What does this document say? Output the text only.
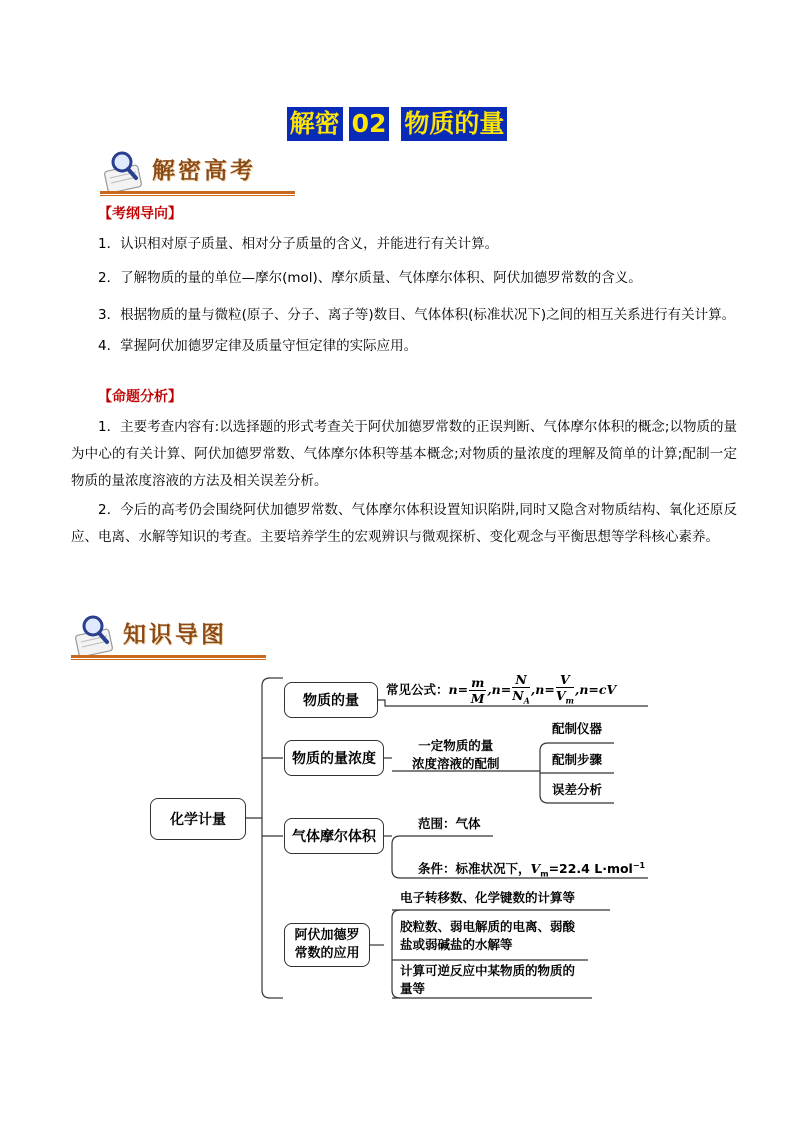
解密 02 物质的量
解密高考
【考纲导向】
1．认识相对原子质量、相对分子质量的含义，并能进行有关计算。
2．了解物质的量的单位—摩尔(mol)、摩尔质量、气体摩尔体积、阿伏加德罗常数的含义。
3．根据物质的量与微粒(原子、分子、离子等)数目、气体体积(标准状况下)之间的相互关系进行有关计算。
4．掌握阿伏加德罗定律及质量守恒定律的实际应用。
【命题分析】
1．主要考查内容有:以选择题的形式考查关于阿伏加德罗常数的正误判断、气体摩尔体积的概念;以物质的量为中心的有关计算、阿伏加德罗常数、气体摩尔体积等基本概念;对物质的量浓度的理解及简单的计算;配制一定物质的量浓度溶液的方法及相关误差分析。
2．今后的高考仍会围绕阿伏加德罗常数、气体摩尔体积设置知识陷阱,同时又隐含对物质结构、氧化还原反应、电离、水解等知识的考查。主要培养学生的宏观辨识与微观探析、变化观念与平衡思想等学科核心素养。
知识导图
化学计量
物质的量
物质的量浓度
气体摩尔体积
阿伏加德罗常数的应用
常见公式：$n= \frac{m}{M} ,n= \frac{N}{N_A} ,n= \frac{V}{V_m} ,n=cV$
一定物质的量
浓度溶液的配制
配制仪器
配制步骤
误差分析
范围：气体
条件：标准状况下，$V_m=22.4$ L·mol$^{-1}$
电子转移数、化学键数的计算等
胶粒数、弱电解质的电离、弱酸盐或弱碱盐的水解等
计算可逆反应中某物质的物质的量等
